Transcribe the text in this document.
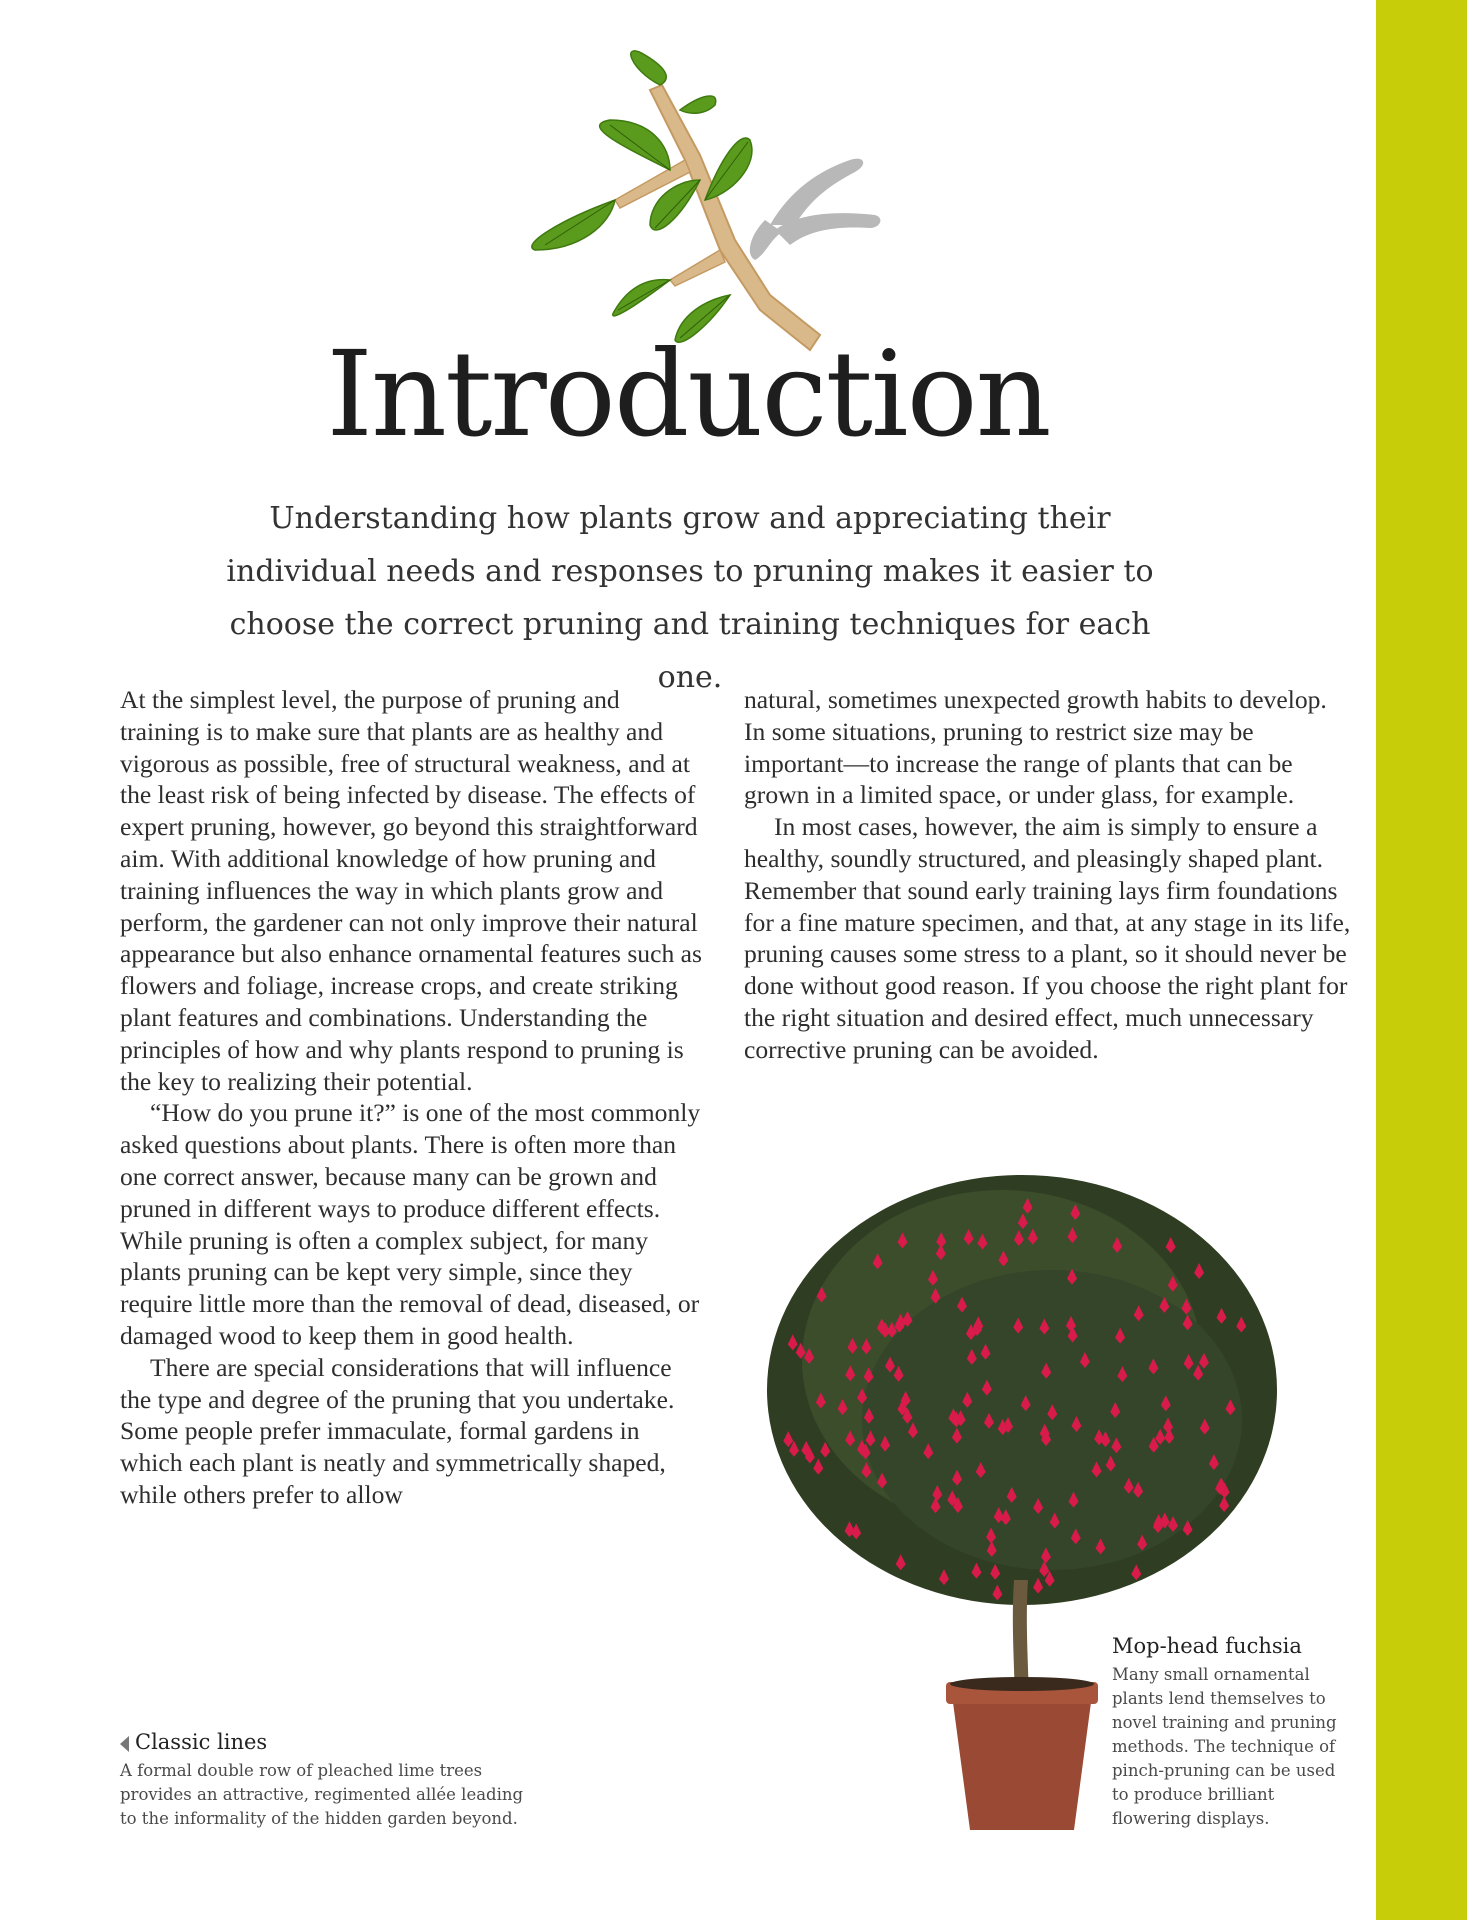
Introduction

Understanding how plants grow and appreciating their individual needs and responses to pruning makes it easier to choose the correct pruning and training techniques for each one.

At the simplest level, the purpose of pruning and training is to make sure that plants are as healthy and vigorous as possible, free of structural weakness, and at the least risk of being infected by disease. The effects of expert pruning, however, go beyond this straightforward aim. With additional knowledge of how pruning and training influences the way in which plants grow and perform, the gardener can not only improve their natural appearance but also enhance ornamental features such as flowers and foliage, increase crops, and create striking plant features and combinations. Understanding the principles of how and why plants respond to pruning is the key to realizing their potential.

“How do you prune it?” is one of the most commonly asked questions about plants. There is often more than one correct answer, because many can be grown and pruned in different ways to produce different effects. While pruning is often a complex subject, for many plants pruning can be kept very simple, since they require little more than the removal of dead, diseased, or damaged wood to keep them in good health.

There are special considerations that will influence the type and degree of the pruning that you undertake. Some people prefer immaculate, formal gardens in which each plant is neatly and symmetrically shaped, while others prefer to allow

natural, sometimes unexpected growth habits to develop. In some situations, pruning to restrict size may be important—to increase the range of plants that can be grown in a limited space, or under glass, for example.

In most cases, however, the aim is simply to ensure a healthy, soundly structured, and pleasingly shaped plant. Remember that sound early training lays firm foundations for a fine mature specimen, and that, at any stage in its life, pruning causes some stress to a plant, so it should never be done without good reason. If you choose the right plant for the right situation and desired effect, much unnecessary corrective pruning can be avoided.

Mop-head fuchsia

Many small ornamental plants lend themselves to novel training and pruning methods. The technique of pinch-pruning can be used to produce brilliant flowering displays.

Classic lines

A formal double row of pleached lime trees provides an attractive, regimented allée leading to the informality of the hidden garden beyond.
